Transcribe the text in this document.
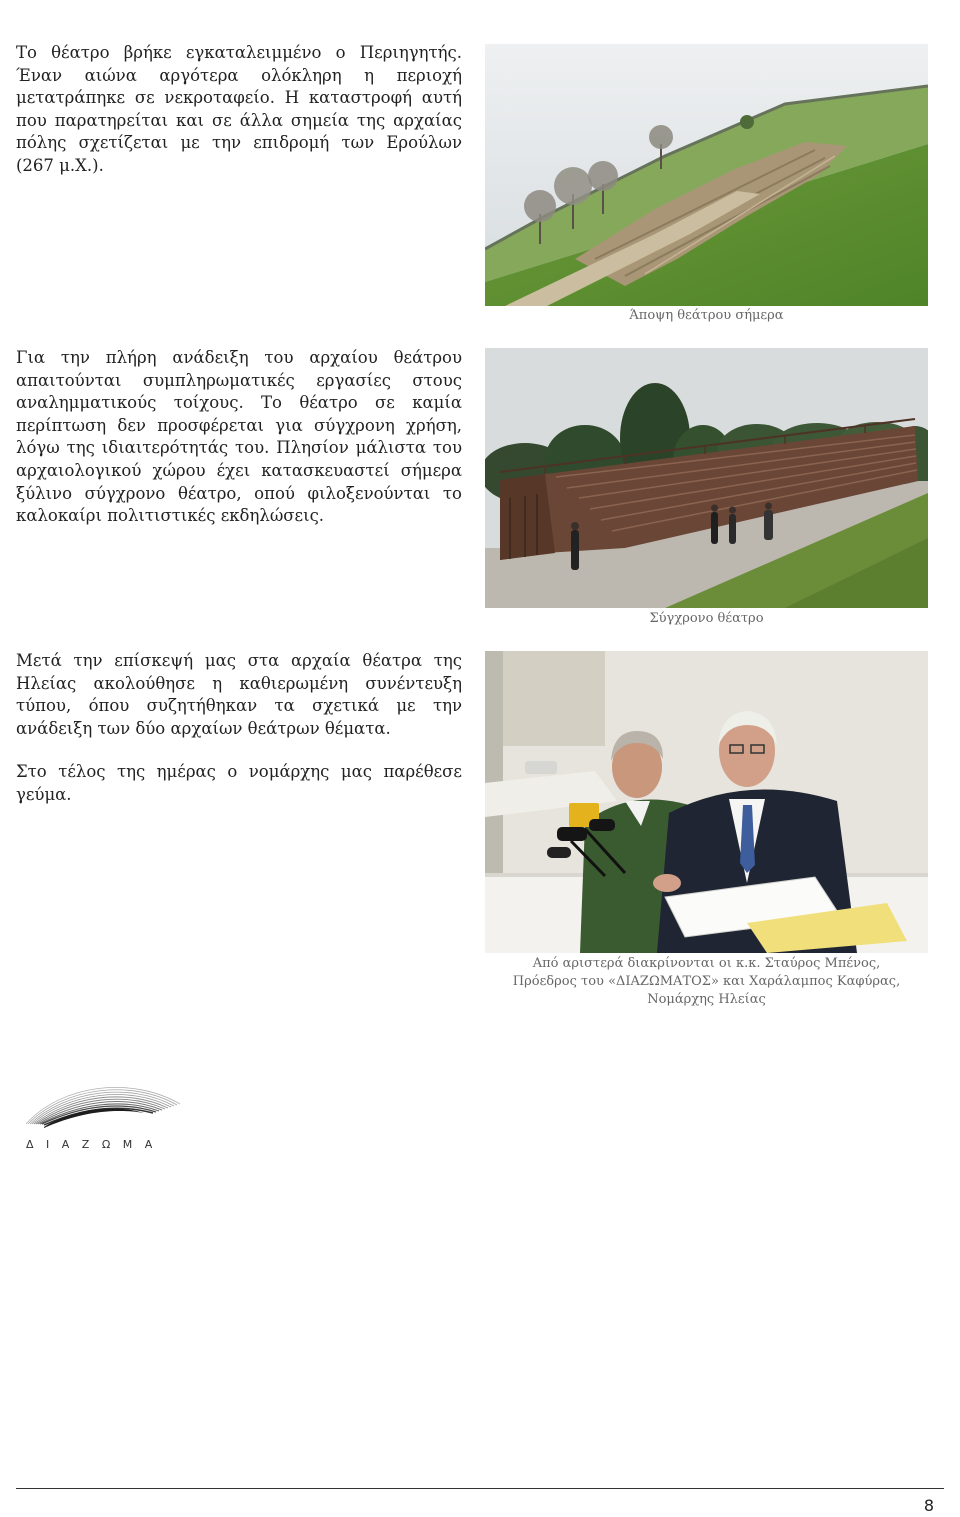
Το θέατρο βρήκε εγκαταλειμμένο ο Περιηγητής. Έναν αιώνα αργότερα ολόκληρη η περιοχή μετατράπηκε σε νεκροταφείο. Η καταστροφή αυτή που παρατηρείται και σε άλλα σημεία της αρχαίας πόλης σχετίζεται με την επιδρομή των Ερούλων (267 μ.Χ.).

Για την πλήρη ανάδειξη του αρχαίου θεάτρου απαιτούνται συμπληρωματικές εργασίες στους αναλημματικούς τοίχους. Το θέατρο σε καμία περίπτωση δεν προσφέρεται για σύγχρονη χρήση, λόγω της ιδιαιτερότητάς του. Πλησίον μάλιστα του αρχαιολογικού χώρου έχει κατασκευαστεί σήμερα ξύλινο σύγχρονο θέατρο, οπού φιλοξενούνται το καλοκαίρι πολιτιστικές εκδηλώσεις.

Μετά την επίσκεψή μας στα αρχαία θέατρα της Ηλείας ακολούθησε η καθιερωμένη συνέντευξη τύπου, όπου συζητήθηκαν τα σχετικά με την ανάδειξη των δύο αρχαίων θεάτρων θέματα.

Στο τέλος της ημέρας ο νομάρχης μας παρέθεσε γεύμα.

Άποψη θεάτρου σήμερα
Σύγχρονο θέατρο
Από αριστερά διακρίνονται οι κ.κ. Σταύρος Μπένος,
Πρόεδρος του «ΔΙΑΖΩΜΑΤΟΣ» και Χαράλαμπος Καφύρας,
Νομάρχης Ηλείας
ΔΙΑΖΩΜΑ
8
